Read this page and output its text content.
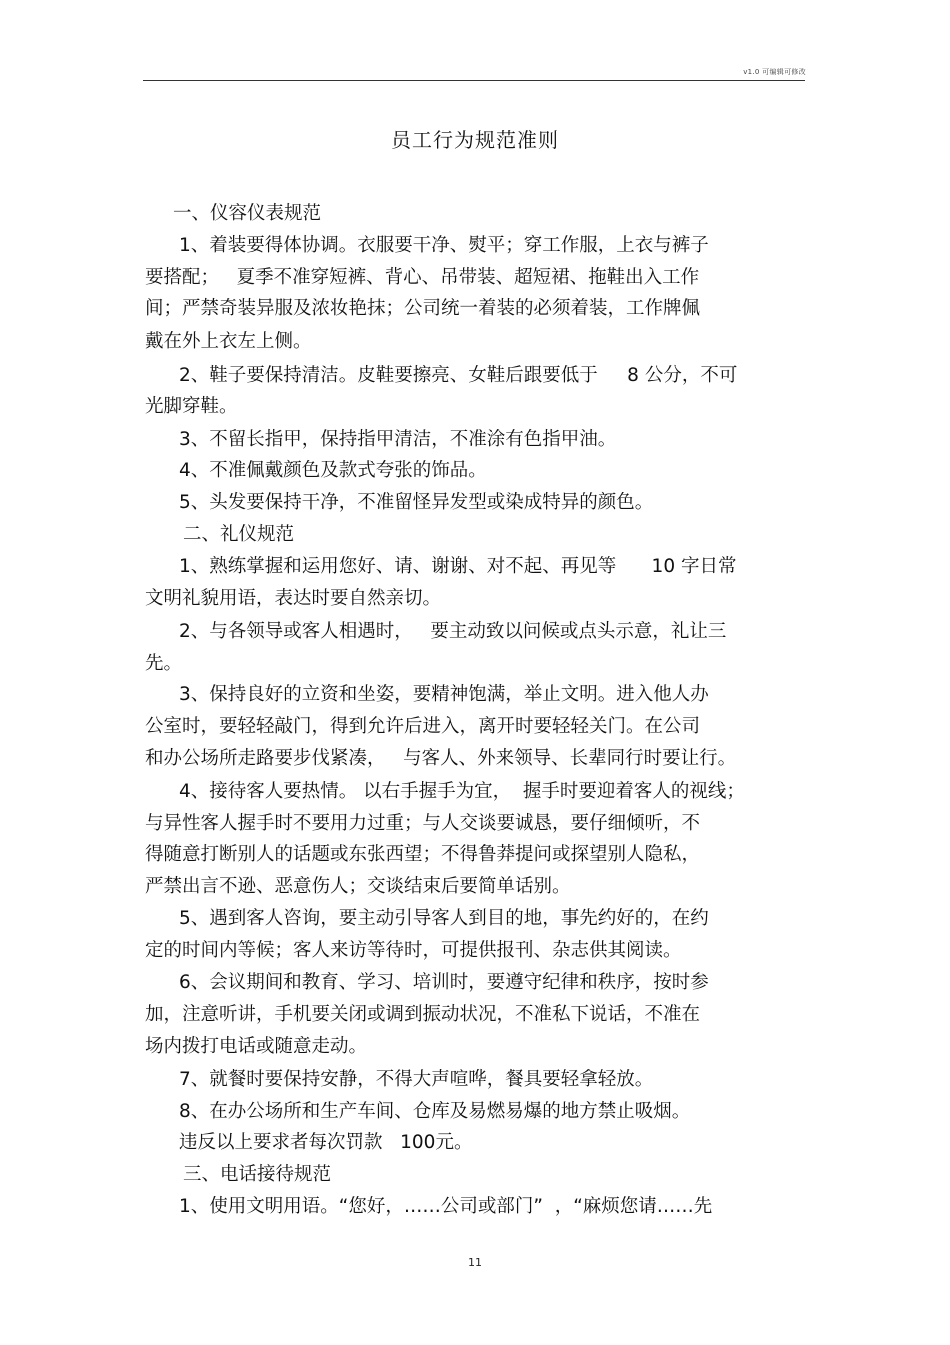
v1.0 可编辑可修改
员工行为规范准则
一、仪容仪表规范
1、着装要得体协调。衣服要干净、熨平；穿工作服，上衣与裤子
要搭配；   夏季不准穿短裤、背心、吊带装、超短裙、拖鞋出入工作
间；严禁奇装异服及浓妆艳抹；公司统一着装的必须着装，工作牌佩
戴在外上衣左上侧。
2、鞋子要保持清洁。皮鞋要擦亮、女鞋后跟要低于     8 公分，不可
光脚穿鞋。
3、不留长指甲，保持指甲清洁，不准涂有色指甲油。
4、不准佩戴颜色及款式夸张的饰品。
5、头发要保持干净，不准留怪异发型或染成特异的颜色。
二、礼仪规范
1、熟练掌握和运用您好、请、谢谢、对不起、再见等      10 字日常
文明礼貌用语，表达时要自然亲切。
2、与各领导或客人相遇时，   要主动致以问候或点头示意，礼让三
先。
3、保持良好的立资和坐姿，要精神饱满，举止文明。进入他人办
公室时，要轻轻敲门，得到允许后进入，离开时要轻轻关门。在公司
和办公场所走路要步伐紧凑，   与客人、外来领导、长辈同行时要让行。
4、接待客人要热情。 以右手握手为宜，  握手时要迎着客人的视线；
与异性客人握手时不要用力过重；与人交谈要诚恳，要仔细倾听，不
得随意打断别人的话题或东张西望；不得鲁莽提问或探望别人隐私，
严禁出言不逊、恶意伤人；交谈结束后要简单话别。
5、遇到客人咨询，要主动引导客人到目的地，事先约好的，在约
定的时间内等候；客人来访等待时，可提供报刊、杂志供其阅读。
6、会议期间和教育、学习、培训时，要遵守纪律和秩序，按时参
加，注意听讲，手机要关闭或调到振动状况，不准私下说话，不准在
场内拨打电话或随意走动。
7、就餐时要保持安静，不得大声喧哗，餐具要轻拿轻放。
8、在办公场所和生产车间、仓库及易燃易爆的地方禁止吸烟。
违反以上要求者每次罚款   100元。
三、电话接待规范
1、使用文明用语。“您好，……公司或部门”  ，“麻烦您请……先
11
